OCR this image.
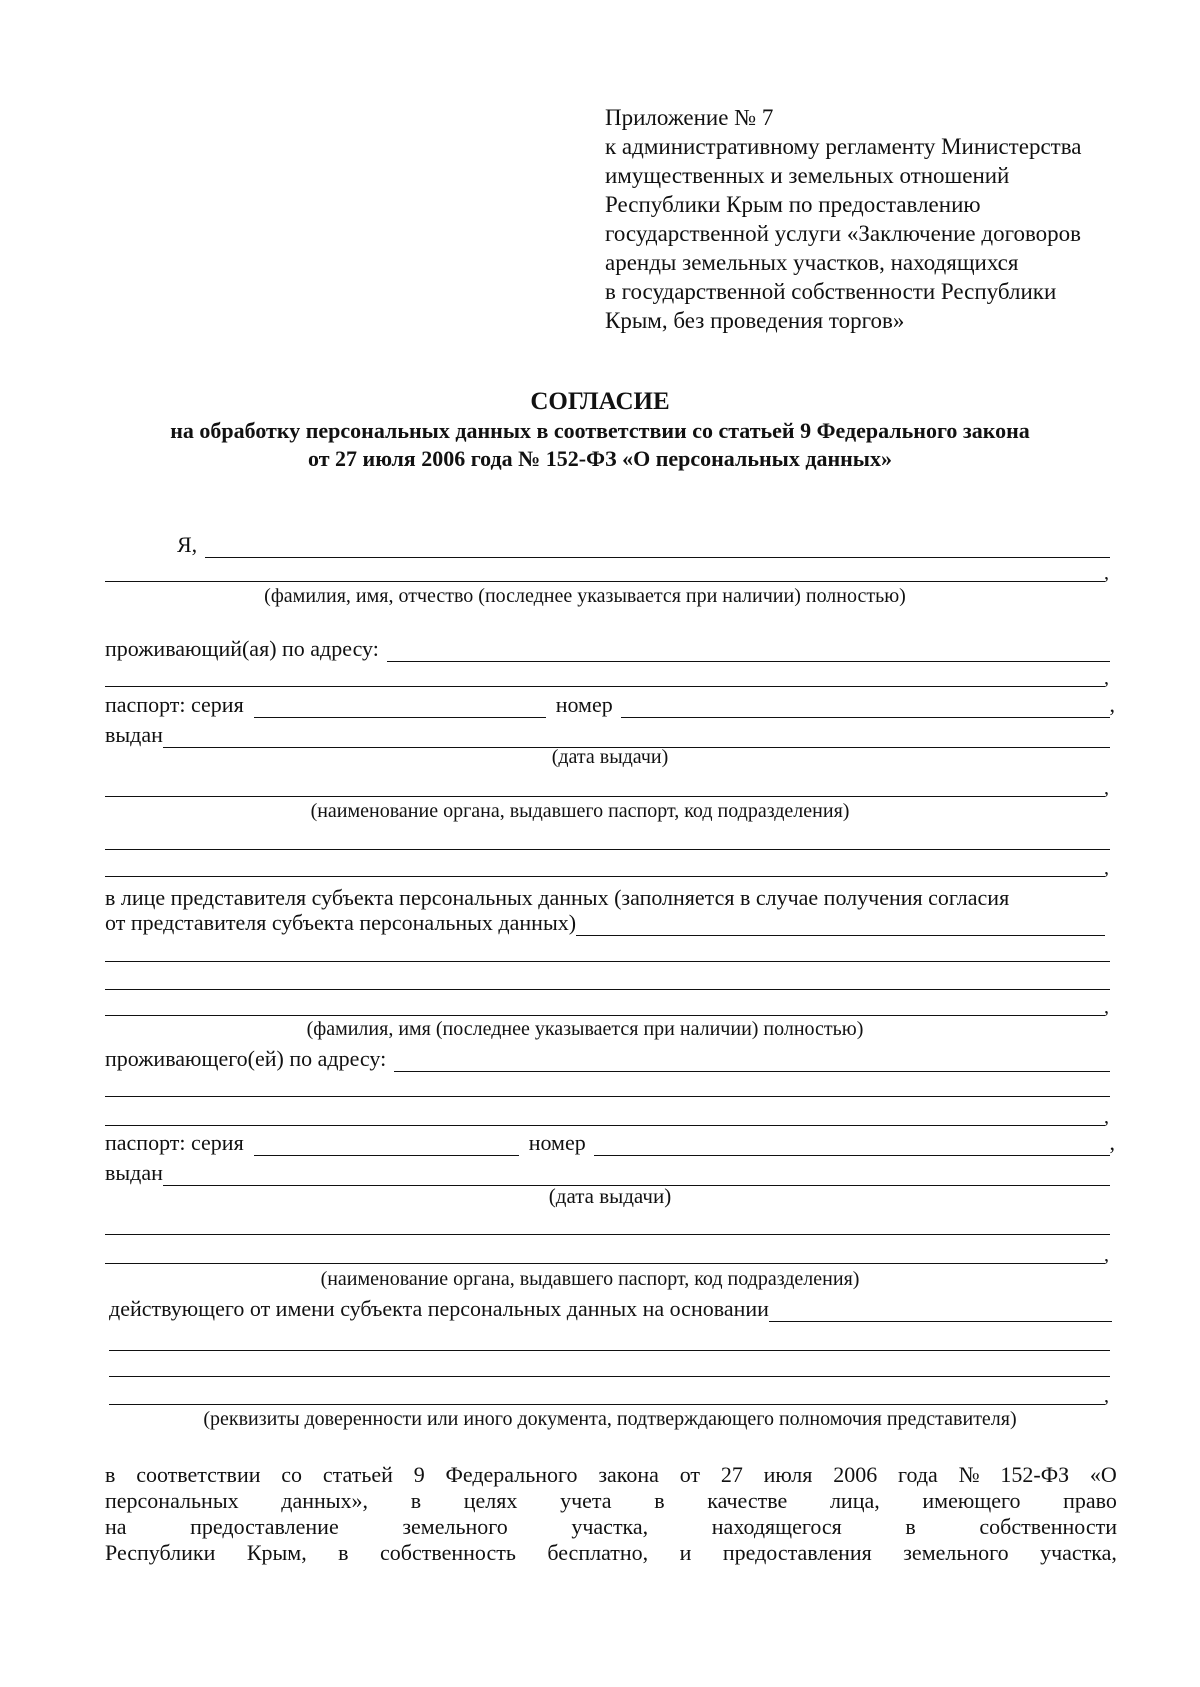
Приложение № 7
к административному регламенту Министерства
имущественных и земельных отношений
Республики Крым по предоставлению
государственной услуги «Заключение договоров
аренды земельных участков, находящихся
в государственной собственности Республики
Крым, без проведения торгов»
СОГЛАСИЕ
на обработку персональных данных в соответствии со статьей 9 Федерального закона
от 27 июля 2006 года № 152-ФЗ «О персональных данных»
Я,
,
(фамилия, имя, отчество (последнее указывается при наличии) полностью)
проживающий(ая) по адресу:
,
паспорт: серия	номер	,
выдан
(дата выдачи)
,
(наименование органа, выдавшего паспорт, код подразделения)
,
в лице представителя субъекта персональных данных (заполняется в случае получения согласия
от представителя субъекта персональных данных)
,
(фамилия, имя (последнее указывается при наличии) полностью)
проживающего(ей) по адресу:
,
паспорт: серия	номер	,
выдан
(дата выдачи)
,
(наименование органа, выдавшего паспорт, код подразделения)
действующего от имени субъекта персональных данных на основании
,
(реквизиты доверенности или иного документа, подтверждающего полномочия представителя)
в соответствии со статьей 9 Федерального закона от 27 июля 2006 года № 152-ФЗ «О
персональных данных», в целях учета в качестве лица, имеющего право
на	предоставление	земельного	участка,	находящегося	в	собственности
Республики Крым, в собственность бесплатно, и предоставления земельного участка,
